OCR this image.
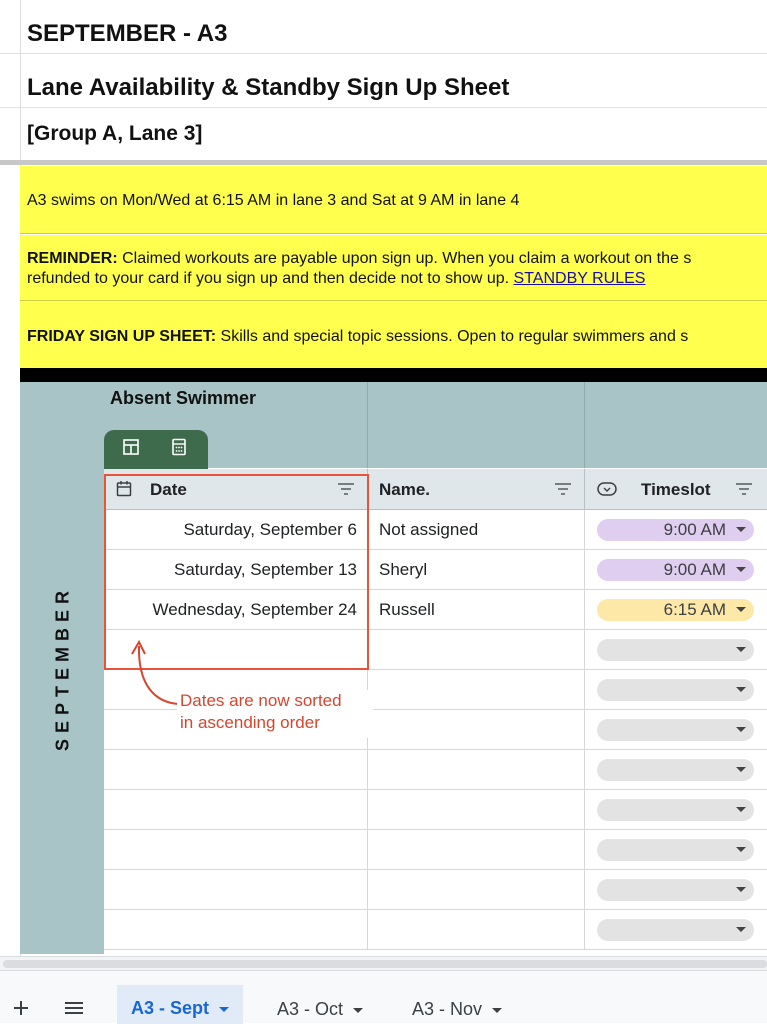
SEPTEMBER - A3
Lane Availability & Standby Sign Up Sheet
[Group A, Lane 3]
A3 swims on Mon/Wed at 6:15 AM in lane 3 and Sat at 9 AM in lane 4
REMINDER: Claimed workouts are payable upon sign up. When you claim a workout on the s
refunded to your card if you sign up and then decide not to show up. STANDBY RULES
FRIDAY SIGN UP SHEET: Skills and special topic sessions. Open to regular swimmers and s
SEPTEMBER
Absent Swimmer
Date	Name.	Timeslot
Saturday, September 6	Not assigned	9:00 AM
Saturday, September 13	Sheryl	9:00 AM
Wednesday, September 24	Russell	6:15 AM
Dates are now sorted
in ascending order
A3 - Sept	A3 - Oct	A3 - Nov
